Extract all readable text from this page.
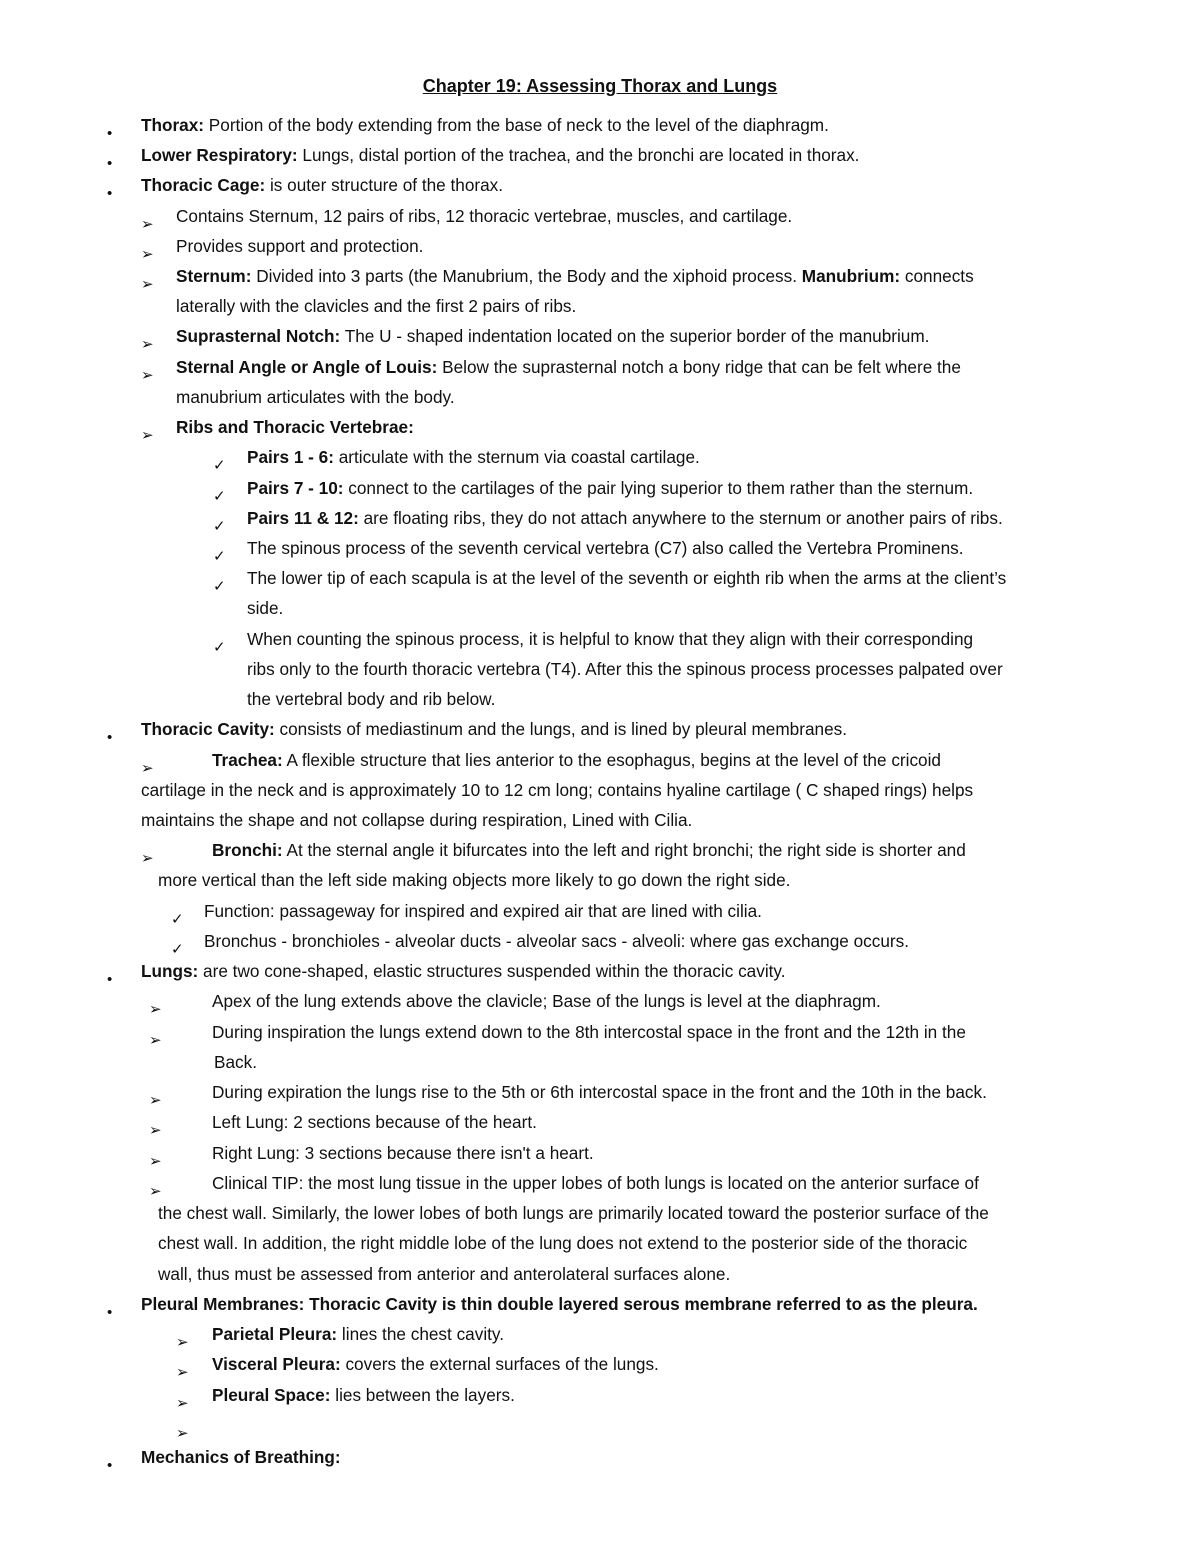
Chapter 19: Assessing Thorax and Lungs
• Thorax: Portion of the body extending from the base of neck to the level of the diaphragm.
• Lower Respiratory: Lungs, distal portion of the trachea, and the bronchi are located in thorax.
• Thoracic Cage: is outer structure of the thorax.
➢ Contains Sternum, 12 pairs of ribs, 12 thoracic vertebrae, muscles, and cartilage.
➢ Provides support and protection.
➢ Sternum: Divided into 3 parts (the Manubrium, the Body and the xiphoid process. Manubrium: connects
laterally with the clavicles and the first 2 pairs of ribs.
➢ Suprasternal Notch: The U - shaped indentation located on the superior border of the manubrium.
➢ Sternal Angle or Angle of Louis: Below the suprasternal notch a bony ridge that can be felt where the
manubrium articulates with the body.
➢ Ribs and Thoracic Vertebrae:
✓ Pairs 1 - 6: articulate with the sternum via coastal cartilage.
✓ Pairs 7 - 10: connect to the cartilages of the pair lying superior to them rather than the sternum.
✓ Pairs 11 & 12: are floating ribs, they do not attach anywhere to the sternum or another pairs of ribs.
✓ The spinous process of the seventh cervical vertebra (C7) also called the Vertebra Prominens.
✓ The lower tip of each scapula is at the level of the seventh or eighth rib when the arms at the client’s
side.
✓ When counting the spinous process, it is helpful to know that they align with their corresponding
ribs only to the fourth thoracic vertebra (T4). After this the spinous process processes palpated over
the vertebral body and rib below.
• Thoracic Cavity: consists of mediastinum and the lungs, and is lined by pleural membranes.
➢	Trachea: A flexible structure that lies anterior to the esophagus, begins at the level of the cricoid
cartilage in the neck and is approximately 10 to 12 cm long; contains hyaline cartilage ( C shaped rings) helps
maintains the shape and not collapse during respiration, Lined with Cilia.
➢	Bronchi: At the sternal angle it bifurcates into the left and right bronchi; the right side is shorter and
more vertical than the left side making objects more likely to go down the right side.
✓ Function: passageway for inspired and expired air that are lined with cilia.
✓ Bronchus - bronchioles - alveolar ducts - alveolar sacs - alveoli: where gas exchange occurs.
• Lungs: are two cone-shaped, elastic structures suspended within the thoracic cavity.
➢	Apex of the lung extends above the clavicle; Base of the lungs is level at the diaphragm.
➢	During inspiration the lungs extend down to the 8th intercostal space in the front and the 12th in the
Back.
➢	During expiration the lungs rise to the 5th or 6th intercostal space in the front and the 10th in the back.
➢	Left Lung: 2 sections because of the heart.
➢	Right Lung: 3 sections because there isn't a heart.
➢	Clinical TIP: the most lung tissue in the upper lobes of both lungs is located on the anterior surface of
the chest wall. Similarly, the lower lobes of both lungs are primarily located toward the posterior surface of the
chest wall. In addition, the right middle lobe of the lung does not extend to the posterior side of the thoracic
wall, thus must be assessed from anterior and anterolateral surfaces alone.
• Pleural Membranes: Thoracic Cavity is thin double layered serous membrane referred to as the pleura.
➢ Parietal Pleura: lines the chest cavity.
➢ Visceral Pleura: covers the external surfaces of the lungs.
➢ Pleural Space: lies between the layers.
➢
• Mechanics of Breathing:
